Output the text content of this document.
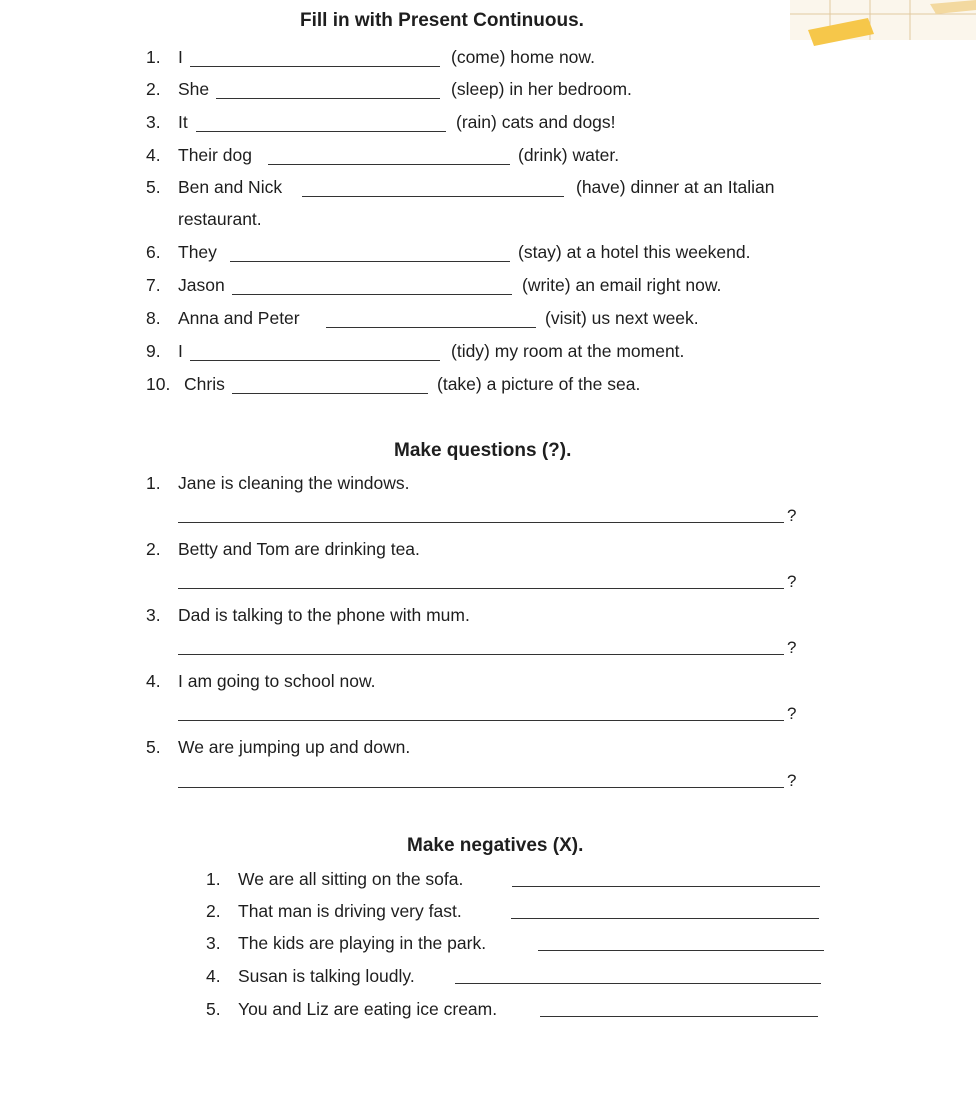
Fill in with Present Continuous.
1. I	(come) home now.
2. She	(sleep) in her bedroom.
3. It	(rain) cats and dogs!
4. Their dog	(drink) water.
5. Ben and Nick	(have) dinner at an Italian
restaurant.
6. They	(stay) at a hotel this weekend.
7. Jason	(write) an email right now.
8. Anna and Peter	(visit) us next week.
9. I	(tidy) my room at the moment.
10. Chris	(take) a picture of the sea.
Make questions (?).
1. Jane is cleaning the windows.
?
2. Betty and Tom are drinking tea.
?
3. Dad is talking to the phone with mum.
?
4. I am going to school now.
?
5. We are jumping up and down.
?
Make negatives (X).
1. We are all sitting on the sofa.
2. That man is driving very fast.
3. The kids are playing in the park.
4. Susan is talking loudly.
5. You and Liz are eating ice cream.
